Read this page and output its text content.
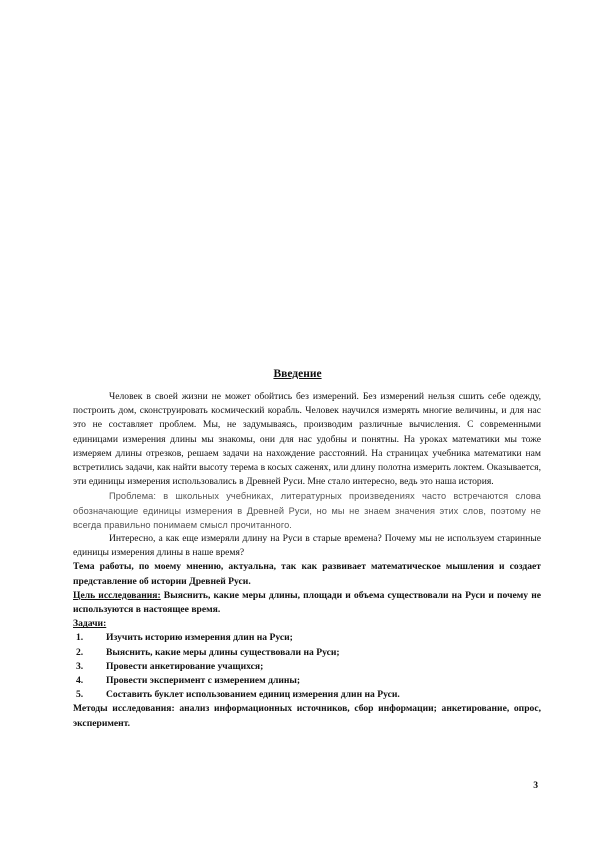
Введение

Человек в своей жизни не может обойтись без измерений. Без измерений нельзя сшить себе одежду, построить дом, сконструировать космический корабль. Человек научился измерять многие величины, и для нас это не составляет проблем. Мы, не задумываясь, производим различные вычисления. С современными единицами измерения длины мы знакомы, они для нас удобны и понятны. На уроках математики мы тоже измеряем длины отрезков, решаем задачи на нахождение расстояний. На страницах учебника математики нам встретились задачи, как найти высоту терема в косых саженях, или длину полотна измерить локтем. Оказывается, эти единицы измерения использовались в Древней Руси. Мне стало интересно, ведь это наша история.

Проблема: в школьных учебниках, литературных произведениях часто встречаются слова обозначающие единицы измерения в Древней Руси, но мы не знаем значения этих слов, поэтому не всегда правильно понимаем смысл прочитанного.

Интересно, а как еще измеряли длину на Руси в старые времена? Почему мы не используем старинные единицы измерения длины в наше время?

Тема работы, по моему мнению, актуальна, так как развивает математическое мышления и создает представление об истории Древней Руси.

Цель исследования: Выяснить, какие меры длины, площади и объема существовали на Руси и почему не используются в настоящее время.

Задачи:

1.	Изучить историю измерения длин на Руси;
2.	Выяснить, какие меры длины существовали на Руси;
3.	Провести анкетирование учащихся;
4.	Провести эксперимент с измерением длины;
5.	Составить буклет использованием единиц измерения длин на Руси.

Методы исследования: анализ информационных источников, сбор информации; анкетирование, опрос, эксперимент.

3
